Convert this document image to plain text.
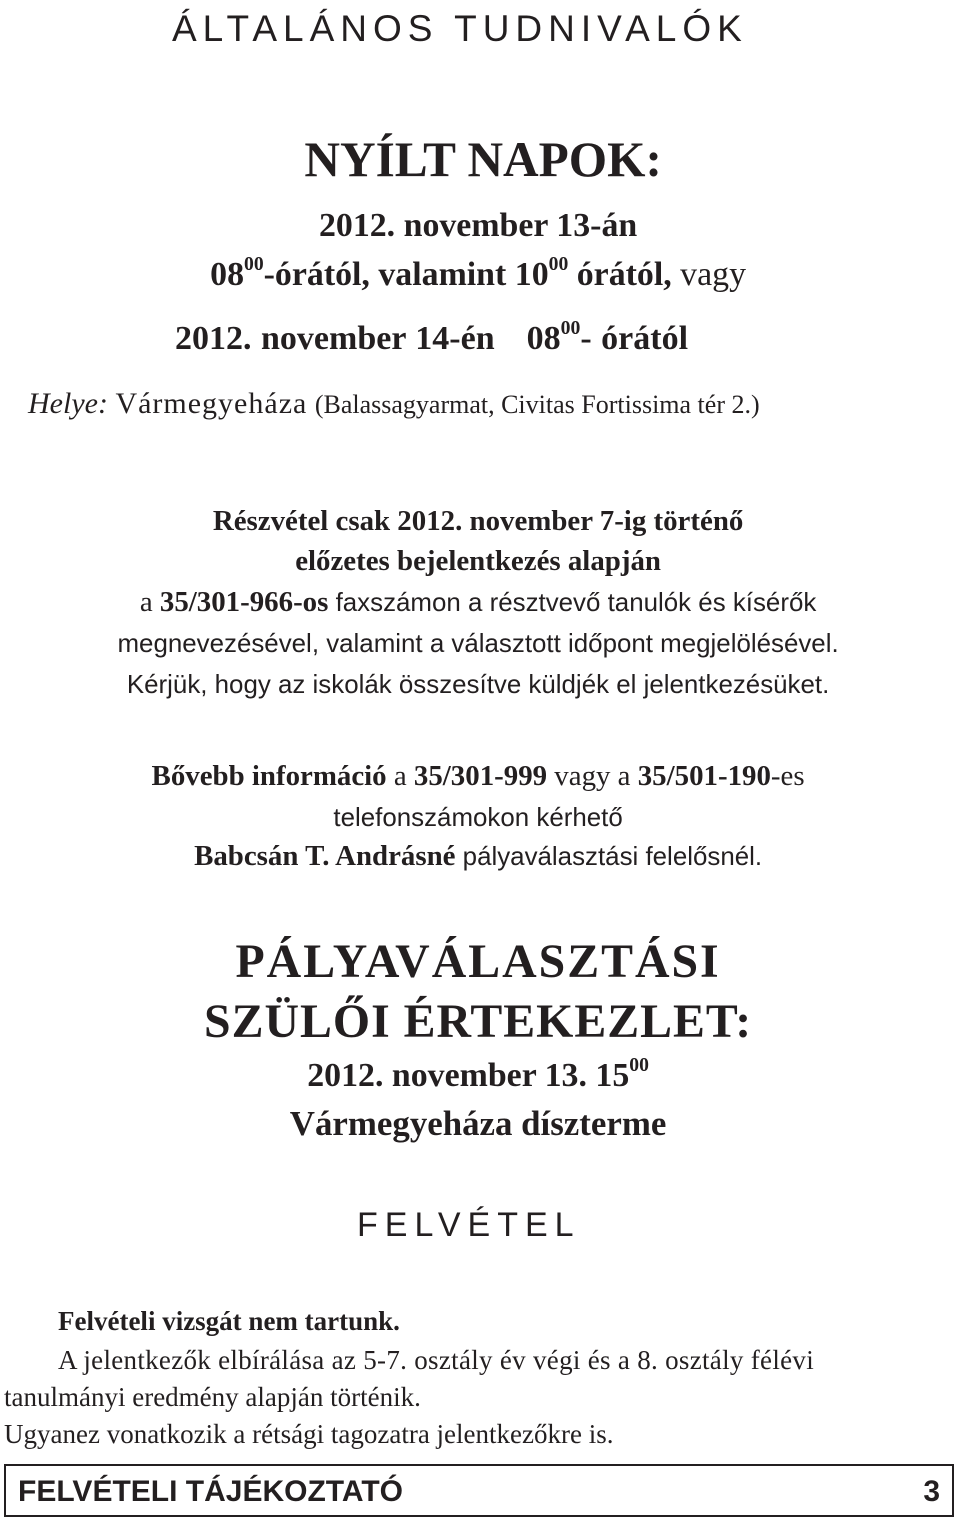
ÁLTALÁNOS TUDNIVALÓK
NYÍLT NAPOK:
2012. november 13-án
$08^{00}$-órától, valamint $10^{00}$ órától, vagy
2012. november 14-én $08^{00}-$ órától
Helye: Vármegyeháza (Balassagyarmat, Civitas Fortissima tér 2.)
Részvétel csak 2012. november 7-ig történő
előzetes bejelentkezés alapján
a 35/301-966-os faxszámon a résztvevő tanulók és kísérők
megnevezésével, valamint a választott időpont megjelölésével.
Kérjük, hogy az iskolák összesítve küldjék el jelentkezésüket.
Bővebb információ a 35/301-999 vagy a 35/501-190-es
telefonszámokon kérhető
Babcsán T. Andrásné pályaválasztási felelősnél.
PÁLYAVÁLASZTÁSI
SZÜLŐI ÉRTEKEZLET:
2012. november 13. $15^{00}$
Vármegyeháza díszterme
FELVÉTEL
Felvételi vizsgát nem tartunk.
A jelentkezők elbírálása az 5-7. osztály év végi és a 8. osztály félévi
tanulmányi eredmény alapján történik.
Ugyanez vonatkozik a rétsági tagozatra jelentkezőkre is.
FELVÉTELI TÁJÉKOZTATÓ	3
